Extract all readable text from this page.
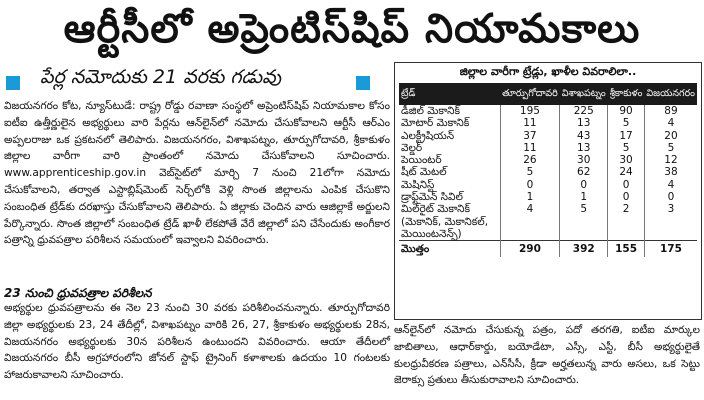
ఆర్టీసీలో అప్రెంటిస్‌షిప్ నియామకాలు
పేర్ల నమోదుకు 21 వరకు గడువు

విజయనగరం కోట, న్యూస్‌టుడే: రాష్ట్ర రోడ్డు రవాణా సంస్థలో అప్రెంటిస్‌షిప్ నియామకాల కోసం ఐటీఐ ఉత్తీర్ణులైన అభ్యర్థులు వారి పేర్లను ఆన్‌లైన్‌లో నమోదు చేసుకోవాలని ఆర్టీసీ ఆర్‌ఎం అప్పలరాజు ఒక ప్రకటనలో తెలిపారు. విజయనగరం, విశాఖపట్నం, తూర్పుగోదావరి, శ్రీకాకుళం జిల్లాల వారీగా వారి ప్రాంతంలో నమోదు చేసుకోవాలని సూచించారు. www.apprenticeship.gov.in వెబ్‌సైట్‌లో మార్చి 7 నుంచి 21లోగా నమోదు చేసుకోవాలని, తర్వాత ఎస్టాబ్లిష్‌మెంట్ సెర్చ్‌లోకి వెళ్లి సొంత జిల్లాలను ఎంపిక చేసుకొని సంబంధిత ట్రేడ్‌కు దరఖాస్తు చేసుకోవాలని తెలిపారు. ఏ జిల్లాకు చెందిన వారు ఆజిల్లాకే అర్జులని పేర్కొన్నారు. సొంత జిల్లాలో సంబంధిత ట్రేడ్ ఖాళీ లేకపోతే వేరే జిల్లాలో పని చేసేందుకు అంగీకార పత్రాన్ని ధ్రువపత్రాల పరిశీలన సమయంలో ఇవ్వాలని వివరించారు.

23 నుంచి ధ్రువపత్రాల పరిశీలన
అభ్యర్థుల ధ్రువపత్రాలను ఈ నెల 23 నుంచి 30 వరకు పరిశీలించనున్నారు. తూర్పుగోదావరి జిల్లా అభ్యర్థులకు 23, 24 తేదీల్లో, విశాఖపట్నం వారికి 26, 27, శ్రీకాకుళం అభ్యర్థులకు 28న, విజయనగరం అభ్యర్థులకు 30న పరిశీలన ఉంటుందని వివరించారు. ఆయా తేదీలలో విజయనగరం బీసీ అగ్రహారంలోని జోనల్ స్టాఫ్ ట్రైనింగ్ కళాశాలకు ఉదయం 10 గంటలకు హాజరుకావాలని సూచించారు.
జిల్లాల వారీగా ట్రేడ్లు, ఖాళీల వివరాలిలా..
ట్రేడ్	తూర్పుగోదావరి	విశాఖపట్నం	శ్రీకాకుళం	విజయనగరం
డీజిల్ మెకానిక్	195	225	90	89
మోటార్ మెకానిక్	11	13	5	4
ఎలక్ట్రీషియన్	37	43	17	20
వెల్డర్	11	13	5	5
పెయింటర్	26	30	30	12
షీట్ మెటల్	5	62	24	38
మెషినిస్ట్	0	0	0	4
డ్రాఫ్ట్‌మెన్ సివిల్	1	1	0	0
మిల్‌రైట్ మెకానిక్	4	5	2	3
(మెకానిక్, మెకానికల్,				
మెయింటనెన్స్)				
మొత్తం	290	392	155	175
ఆన్‌లైన్‌లో నమోదు చేసుకున్న పత్రం, పదో తరగతి, ఐటీఐ మార్కుల జాబితాలు, ఆధార్‌కార్డు, బయోడేటా, ఎస్సీ, ఎస్టీ, బీసీ అభ్యర్థులైతే కులధ్రువీకరణ పత్రాలు, ఎన్‌సీసీ, క్రీడా అర్హతలున్న వారు అసలు, ఒక సెట్టు జెరాక్సు ప్రతులు తీసుకురావాలని సూచించారు.
